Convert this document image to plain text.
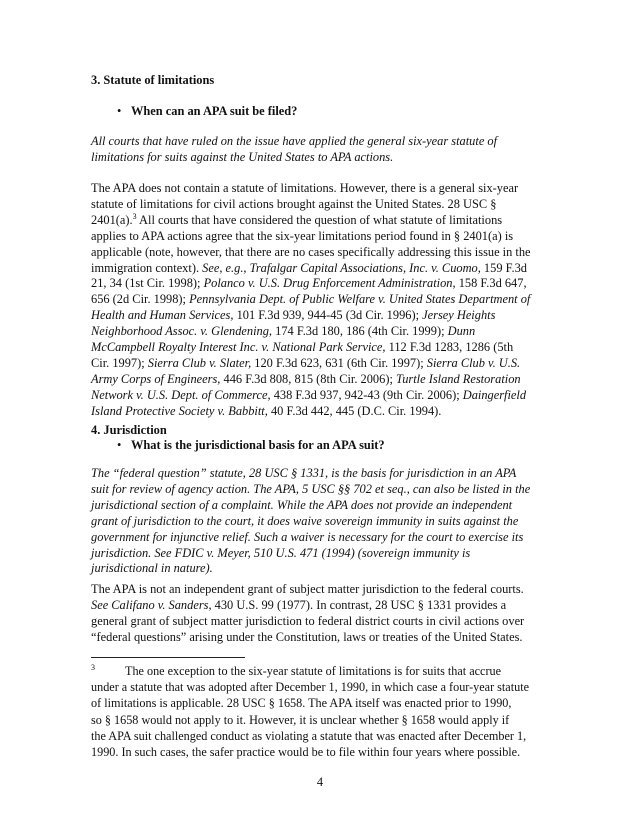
3. Statute of limitations
• When can an APA suit be filed?
All courts that have ruled on the issue have applied the general six-year statute of
limitations for suits against the United States to APA actions.
The APA does not contain a statute of limitations. However, there is a general six-year
statute of limitations for civil actions brought against the United States. 28 USC §
2401(a).$^3$ All courts that have considered the question of what statute of limitations
applies to APA actions agree that the six-year limitations period found in § 2401(a) is
applicable (note, however, that there are no cases specifically addressing this issue in the
immigration context). See, e.g., Trafalgar Capital Associations, Inc. v. Cuomo, 159 F.3d
21, 34 (1st Cir. 1998); Polanco v. U.S. Drug Enforcement Administration, 158 F.3d 647,
656 (2d Cir. 1998); Pennsylvania Dept. of Public Welfare v. United States Department of
Health and Human Services, 101 F.3d 939, 944-45 (3d Cir. 1996); Jersey Heights
Neighborhood Assoc. v. Glendening, 174 F.3d 180, 186 (4th Cir. 1999); Dunn
McCampbell Royalty Interest Inc. v. National Park Service, 112 F.3d 1283, 1286 (5th
Cir. 1997); Sierra Club v. Slater, 120 F.3d 623, 631 (6th Cir. 1997); Sierra Club v. U.S.
Army Corps of Engineers, 446 F.3d 808, 815 (8th Cir. 2006); Turtle Island Restoration
Network v. U.S. Dept. of Commerce, 438 F.3d 937, 942-43 (9th Cir. 2006); Daingerfield
Island Protective Society v. Babbitt, 40 F.3d 442, 445 (D.C. Cir. 1994).
4. Jurisdiction
• What is the jurisdictional basis for an APA suit?
The “federal question” statute, 28 USC § 1331, is the basis for jurisdiction in an APA
suit for review of agency action. The APA, 5 USC §§ 702 et seq., can also be listed in the
jurisdictional section of a complaint. While the APA does not provide an independent
grant of jurisdiction to the court, it does waive sovereign immunity in suits against the
government for injunctive relief. Such a waiver is necessary for the court to exercise its
jurisdiction. See FDIC v. Meyer, 510 U.S. 471 (1994) (sovereign immunity is
jurisdictional in nature).
The APA is not an independent grant of subject matter jurisdiction to the federal courts.
See Califano v. Sanders, 430 U.S. 99 (1977). In contrast, 28 USC § 1331 provides a
general grant of subject matter jurisdiction to federal district courts in civil actions over
“federal questions” arising under the Constitution, laws or treaties of the United States.
$^3$ The one exception to the six-year statute of limitations is for suits that accrue
under a statute that was adopted after December 1, 1990, in which case a four-year statute
of limitations is applicable. 28 USC § 1658. The APA itself was enacted prior to 1990,
so § 1658 would not apply to it. However, it is unclear whether § 1658 would apply if
the APA suit challenged conduct as violating a statute that was enacted after December 1,
1990. In such cases, the safer practice would be to file within four years where possible.
4
